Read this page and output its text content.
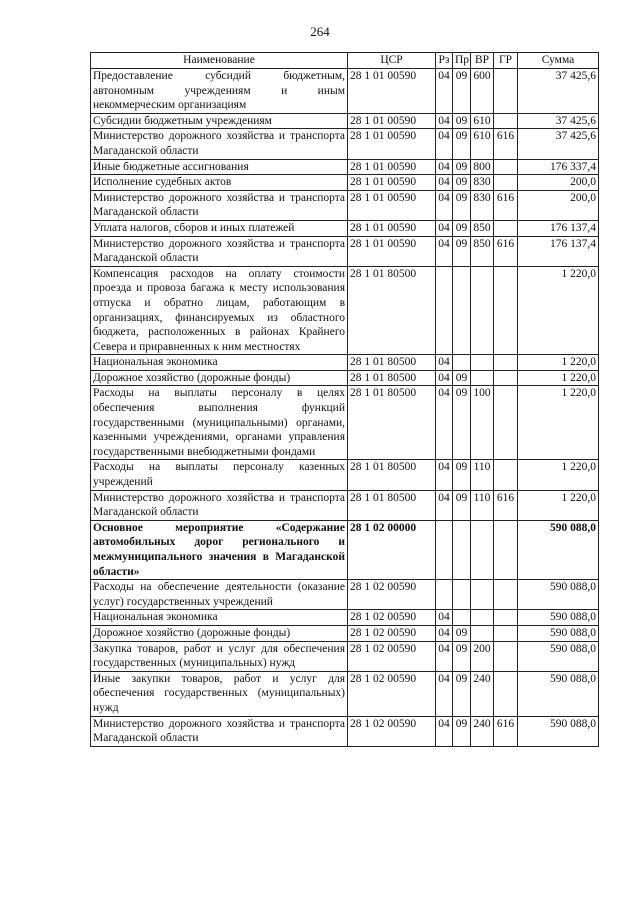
264
Наименование	ЦСР	Рз	Пр	ВР	ГР	Сумма
Предоставление субсидий бюджетным, автономным учреждениям и иным некоммерческим организациям	28 1 01 00590	04	09	600		37 425,6
Субсидии бюджетным учреждениям	28 1 01 00590	04	09	610		37 425,6
Министерство дорожного хозяйства и транспорта Магаданской области	28 1 01 00590	04	09	610	616	37 425,6
Иные бюджетные ассигнования	28 1 01 00590	04	09	800		176 337,4
Исполнение судебных актов	28 1 01 00590	04	09	830		200,0
Министерство дорожного хозяйства и транспорта Магаданской области	28 1 01 00590	04	09	830	616	200,0
Уплата налогов, сборов и иных платежей	28 1 01 00590	04	09	850		176 137,4
Министерство дорожного хозяйства и транспорта Магаданской области	28 1 01 00590	04	09	850	616	176 137,4
Компенсация расходов на оплату стоимости проезда и провоза багажа к месту использования отпуска и обратно лицам, работающим в организациях, финансируемых из областного бюджета, расположенных в районах Крайнего Севера и приравненных к ним местностях	28 1 01 80500					1 220,0
Национальная экономика	28 1 01 80500	04				1 220,0
Дорожное хозяйство (дорожные фонды)	28 1 01 80500	04	09			1 220,0
Расходы на выплаты персоналу в целях обеспечения выполнения функций государственными (муниципальными) органами, казенными учреждениями, органами управления государственными внебюджетными фондами	28 1 01 80500	04	09	100		1 220,0
Расходы на выплаты персоналу казенных учреждений	28 1 01 80500	04	09	110		1 220,0
Министерство дорожного хозяйства и транспорта Магаданской области	28 1 01 80500	04	09	110	616	1 220,0
Основное мероприятие «Содержание автомобильных дорог регионального и межмуниципального значения в Магаданской области»	28 1 02 00000					590 088,0
Расходы на обеспечение деятельности (оказание услуг) государственных учреждений	28 1 02 00590					590 088,0
Национальная экономика	28 1 02 00590	04				590 088,0
Дорожное хозяйство (дорожные фонды)	28 1 02 00590	04	09			590 088,0
Закупка товаров, работ и услуг для обеспечения государственных (муниципальных) нужд	28 1 02 00590	04	09	200		590 088,0
Иные закупки товаров, работ и услуг для обеспечения государственных (муниципальных) нужд	28 1 02 00590	04	09	240		590 088,0
Министерство дорожного хозяйства и транспорта Магаданской области	28 1 02 00590	04	09	240	616	590 088,0
